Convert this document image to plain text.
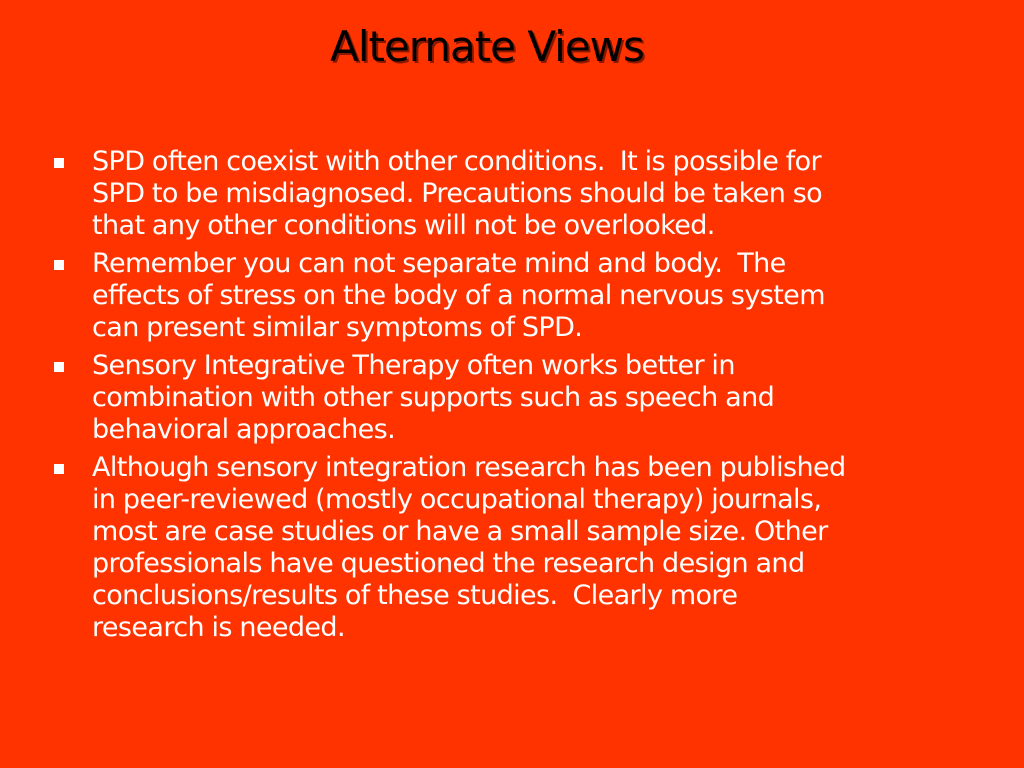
Alternate Views
SPD often coexist with other conditions.  It is possible for
SPD to be misdiagnosed. Precautions should be taken so
that any other conditions will not be overlooked.
Remember you can not separate mind and body.  The
effects of stress on the body of a normal nervous system
can present similar symptoms of SPD.
Sensory Integrative Therapy often works better in
combination with other supports such as speech and
behavioral approaches.
Although sensory integration research has been published
in peer-reviewed (mostly occupational therapy) journals,
most are case studies or have a small sample size. Other
professionals have questioned the research design and
conclusions/results of these studies.  Clearly more
research is needed.
